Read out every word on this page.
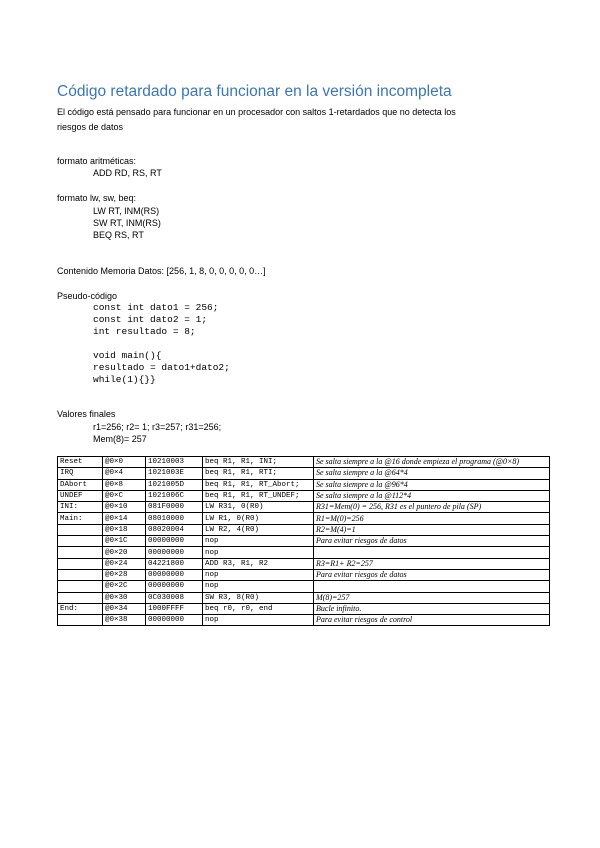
Código retardado para funcionar en la versión incompleta
El código está pensado para funcionar en un procesador con saltos 1-retardados que no detecta los
riesgos de datos
formato aritméticas:
ADD RD, RS, RT
formato lw, sw, beq:
LW RT, INM(RS)
SW RT, INM(RS)
BEQ RS, RT
Contenido Memoria Datos: [256, 1, 8, 0, 0, 0, 0, 0…]
Pseudo-código
const int dato1 = 256;
const int dato2 = 1;
int resultado = 8;
void main(){
resultado = dato1+dato2;
while(1){}}
Valores finales
r1=256; r2= 1; r3=257; r31=256;
Mem(8)= 257
Reset	@0×0	10210003	beq R1, R1, INI;	Se salta siempre a la @16 donde empieza el programa (@0×8)
IRQ	@0×4	1021003E	beq R1, R1, RTI;	Se salta siempre a la @64*4
DAbort	@0×8	1021005D	beq R1, R1, RT_Abort;	Se salta siempre a la @96*4
UNDEF	@0×C	1021006C	beq R1, R1, RT_UNDEF;	Se salta siempre a la @112*4
INI:	@0×10	081F0000	LW R31, 0(R0)	R31=Mem(0) = 256, R31 es el puntero de pila (SP)
Main:	@0×14	08010000	LW R1, 0(R0)	R1=M(0)=256
	@0×18	08020004	LW R2, 4(R0)	R2=M(4)=1
	@0×1C	00000000	nop	Para evitar riesgos de datos
	@0×20	00000000	nop	
	@0×24	04221800	ADD R3, R1, R2	R3=R1+ R2=257
	@0×28	00000000	nop	Para evitar riesgos de datos
	@0×2C	00000000	nop	
	@0×30	0C030008	SW R3, 8(R0)	M(8)=257
End:	@0×34	1000FFFF	beq r0, r0, end	Bucle infinito.
	@0×38	00000000	nop	Para evitar riesgos de control
